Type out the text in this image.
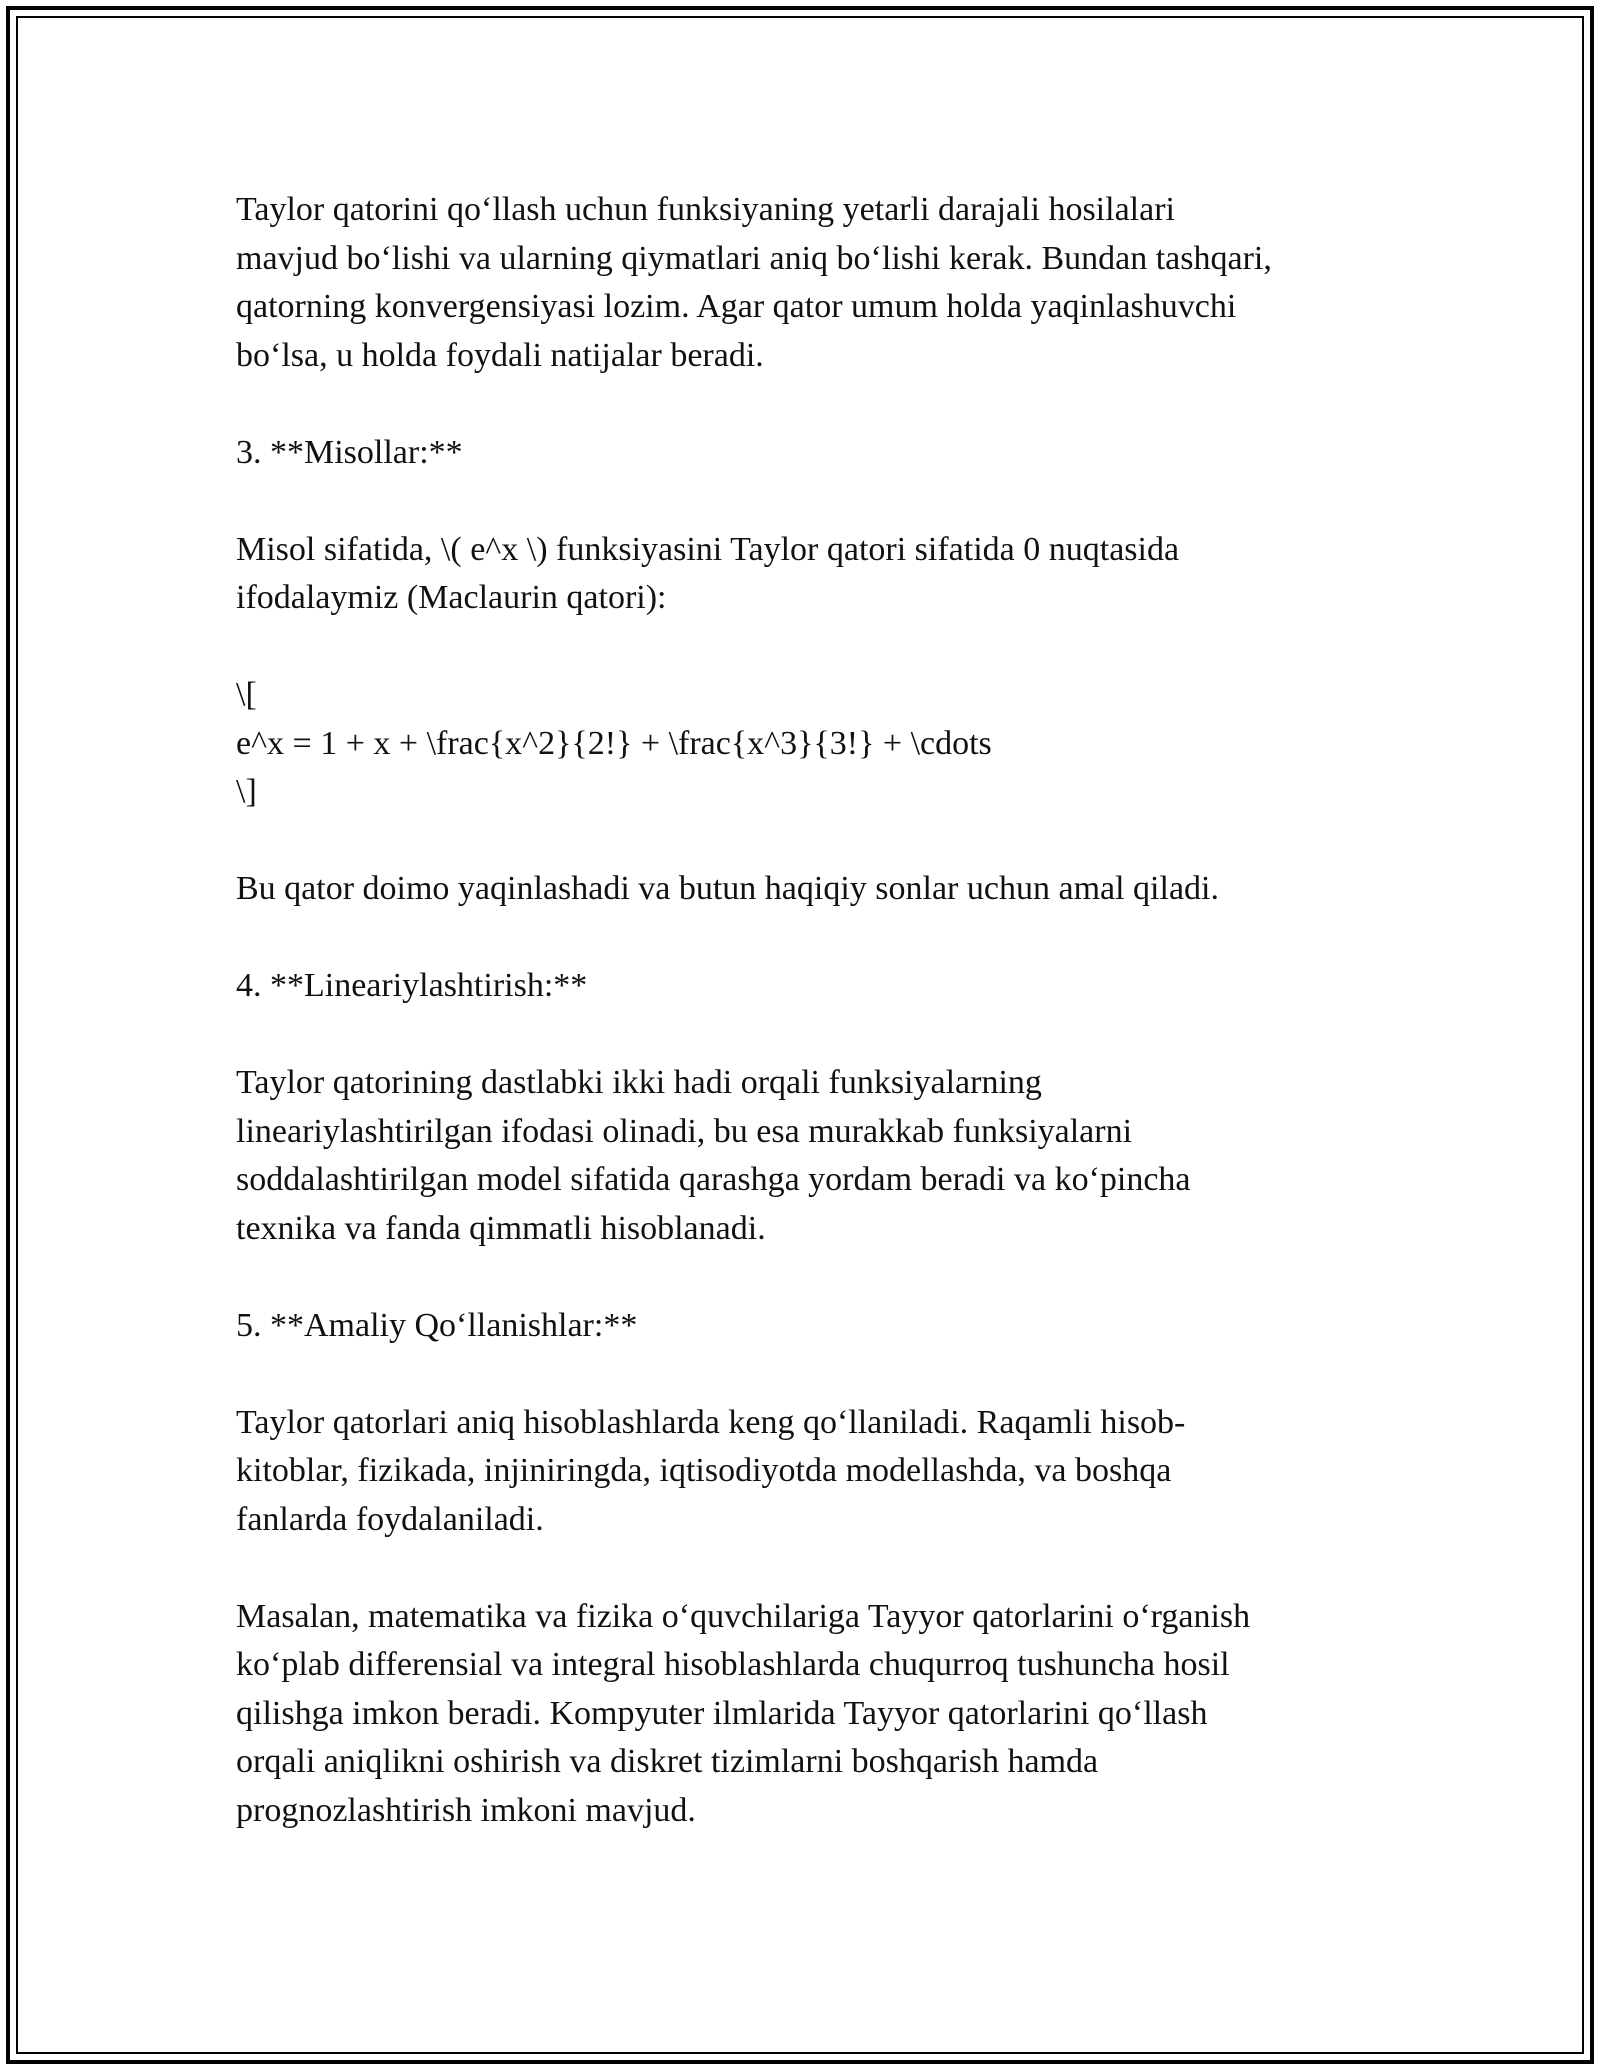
Taylor qatorini qo‘llash uchun funksiyaning yetarli darajali hosilalari
mavjud bo‘lishi va ularning qiymatlari aniq bo‘lishi kerak. Bundan tashqari,
qatorning konvergensiyasi lozim. Agar qator umum holda yaqinlashuvchi
bo‘lsa, u holda foydali natijalar beradi.

3. **Misollar:**

Misol sifatida, \( e^x \) funksiyasini Taylor qatori sifatida 0 nuqtasida
ifodalaymiz (Maclaurin qatori):

\[
e^x = 1 + x + \frac{x^2}{2!} + \frac{x^3}{3!} + \cdots
\]

Bu qator doimo yaqinlashadi va butun haqiqiy sonlar uchun amal qiladi.

4. **Lineariylashtirish:**

Taylor qatorining dastlabki ikki hadi orqali funksiyalarning
lineariylashtirilgan ifodasi olinadi, bu esa murakkab funksiyalarni
soddalashtirilgan model sifatida qarashga yordam beradi va ko‘pincha
texnika va fanda qimmatli hisoblanadi.

5. **Amaliy Qo‘llanishlar:**

Taylor qatorlari aniq hisoblashlarda keng qo‘llaniladi. Raqamli hisob-
kitoblar, fizikada, injiniringda, iqtisodiyotda modellashda, va boshqa
fanlarda foydalaniladi.

Masalan, matematika va fizika o‘quvchilariga Tayyor qatorlarini o‘rganish
ko‘plab differensial va integral hisoblashlarda chuqurroq tushuncha hosil
qilishga imkon beradi. Kompyuter ilmlarida Tayyor qatorlarini qo‘llash
orqali aniqlikni oshirish va diskret tizimlarni boshqarish hamda
prognozlashtirish imkoni mavjud.
